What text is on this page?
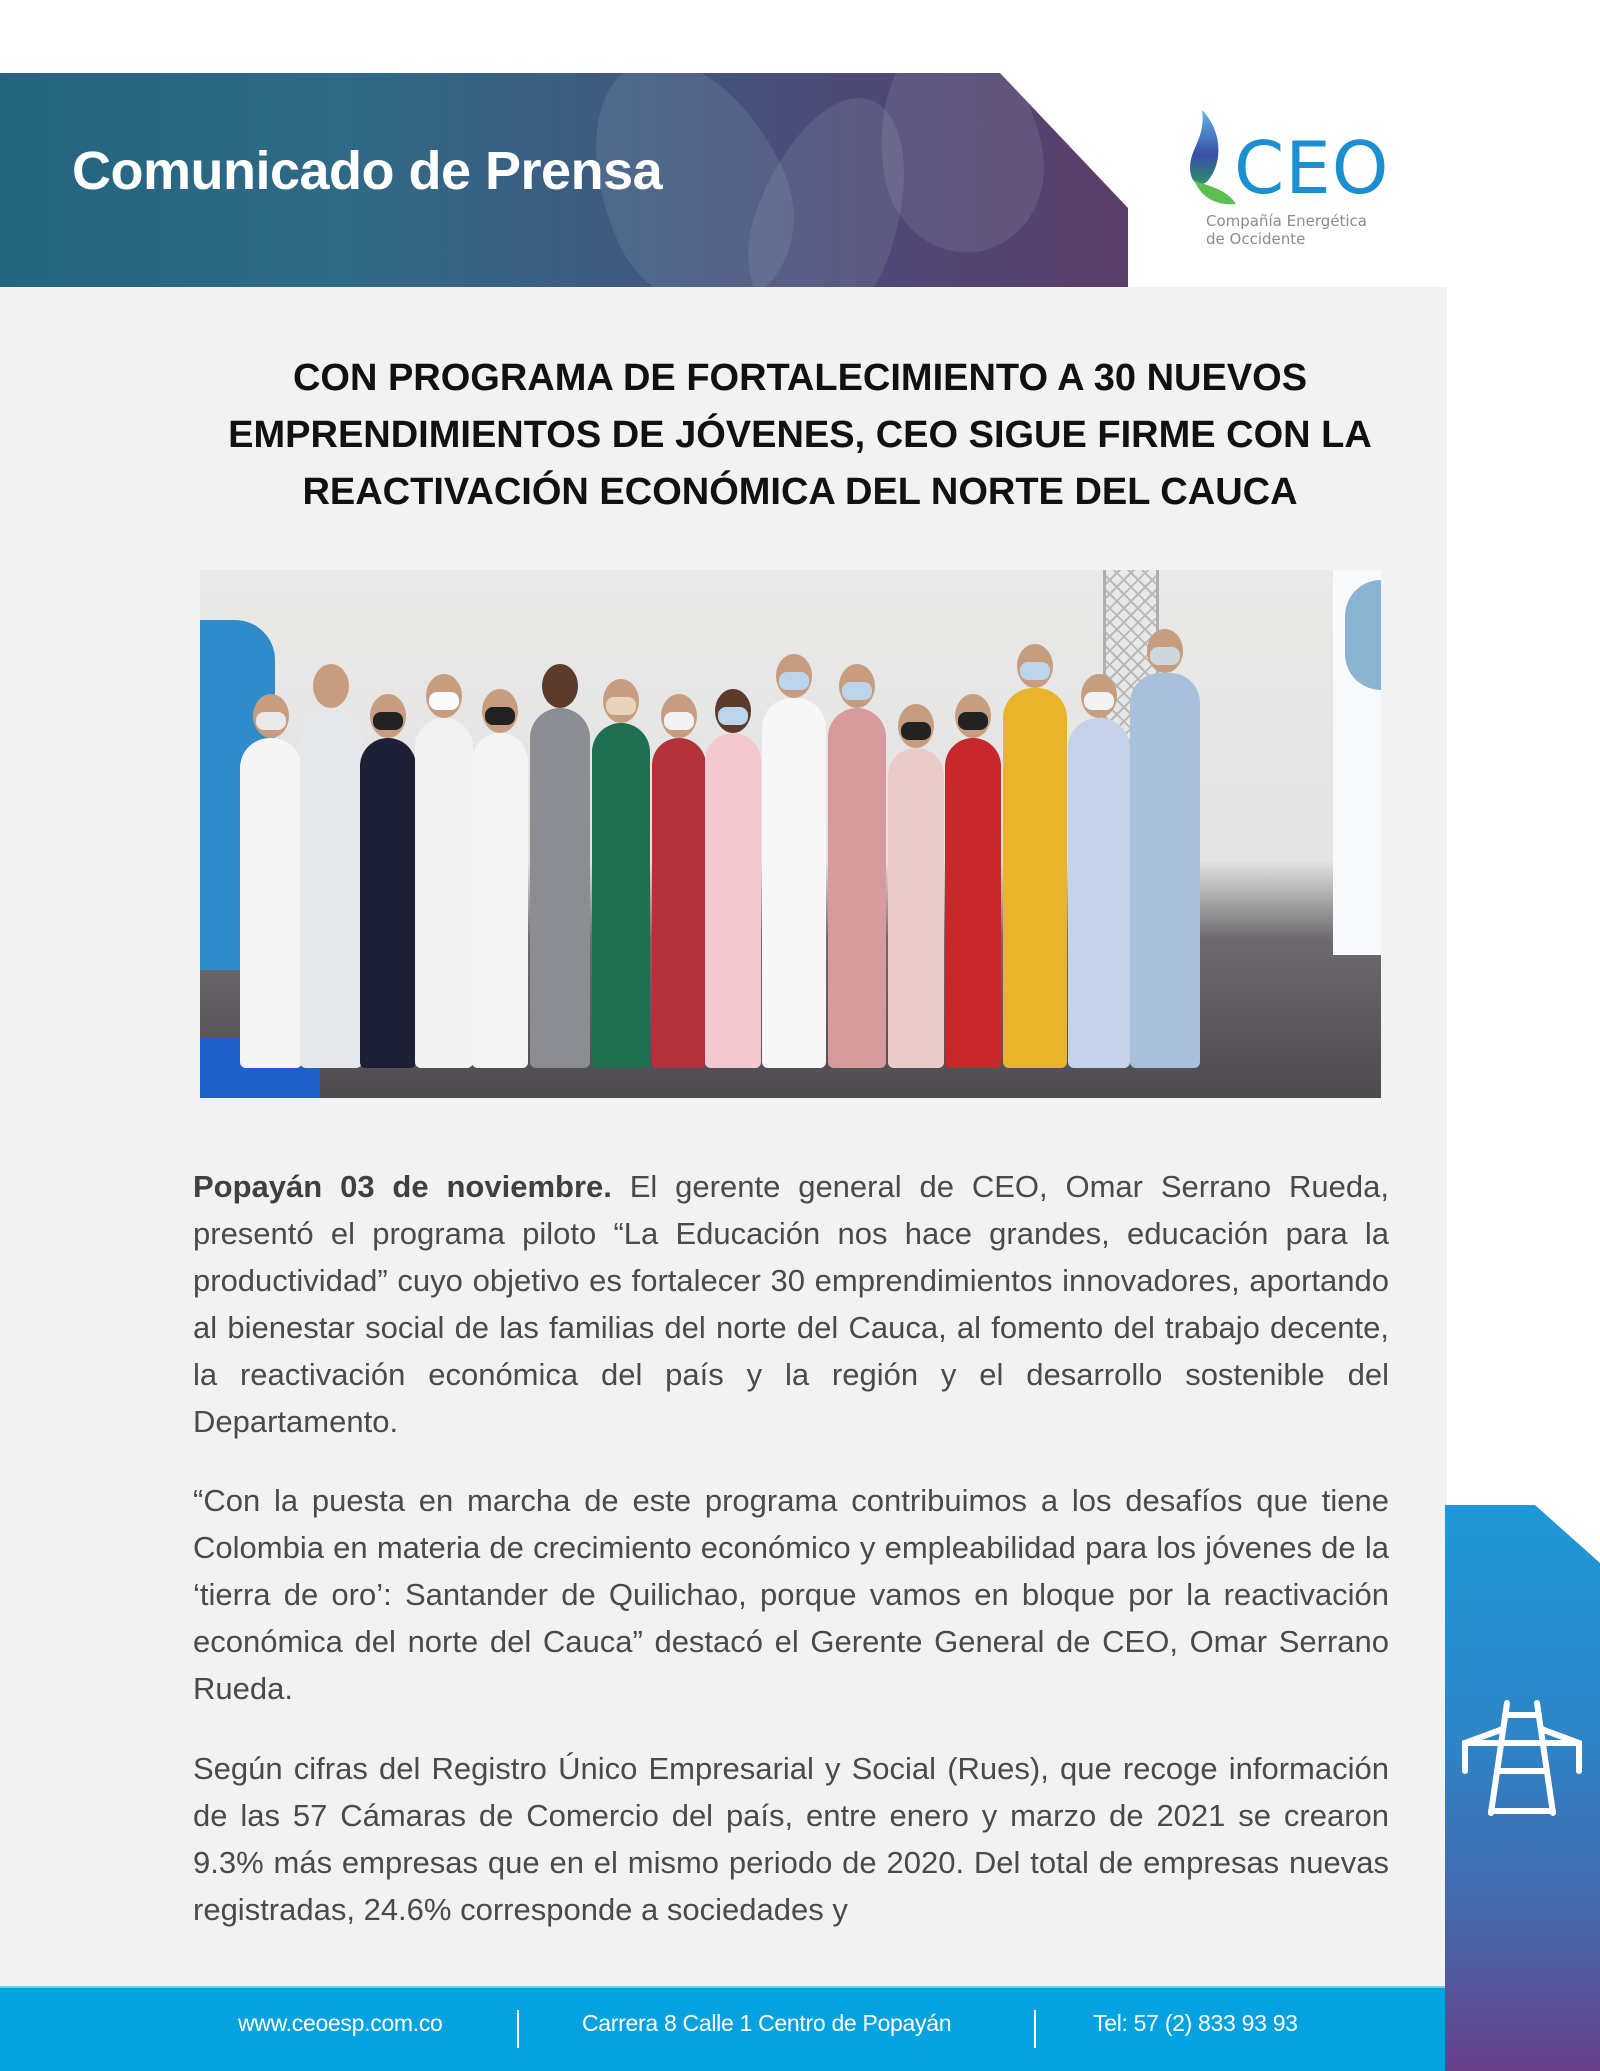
Comunicado de Prensa	CEO
Compañía Energética
de Occidente
CON PROGRAMA DE FORTALECIMIENTO A 30 NUEVOS
EMPRENDIMIENTOS DE JÓVENES, CEO SIGUE FIRME CON LA
REACTIVACIÓN ECONÓMICA DEL NORTE DEL CAUCA
Popayán 03 de noviembre. El gerente general de CEO, Omar Serrano Rueda, presentó el programa piloto “La Educación nos hace grandes, educación para la productividad” cuyo objetivo es fortalecer 30 emprendimientos innovadores, aportando al bienestar social de las familias del norte del Cauca, al fomento del trabajo decente, la reactivación económica del país y la región y el desarrollo sostenible del Departamento.
“Con la puesta en marcha de este programa contribuimos a los desafíos que tiene Colombia en materia de crecimiento económico y empleabilidad para los jóvenes de la ‘tierra de oro’: Santander de Quilichao, porque vamos en bloque por la reactivación económica del norte del Cauca” destacó el Gerente General de CEO, Omar Serrano Rueda.
Según cifras del Registro Único Empresarial y Social (Rues), que recoge información de las 57 Cámaras de Comercio del país, entre enero y marzo de 2021 se crearon 9.3% más empresas que en el mismo periodo de 2020. Del total de empresas nuevas registradas, 24.6% corresponde a sociedades y
www.ceoesp.com.co	Carrera 8 Calle 1 Centro de Popayán	Tel: 57 (2) 833 93 93
